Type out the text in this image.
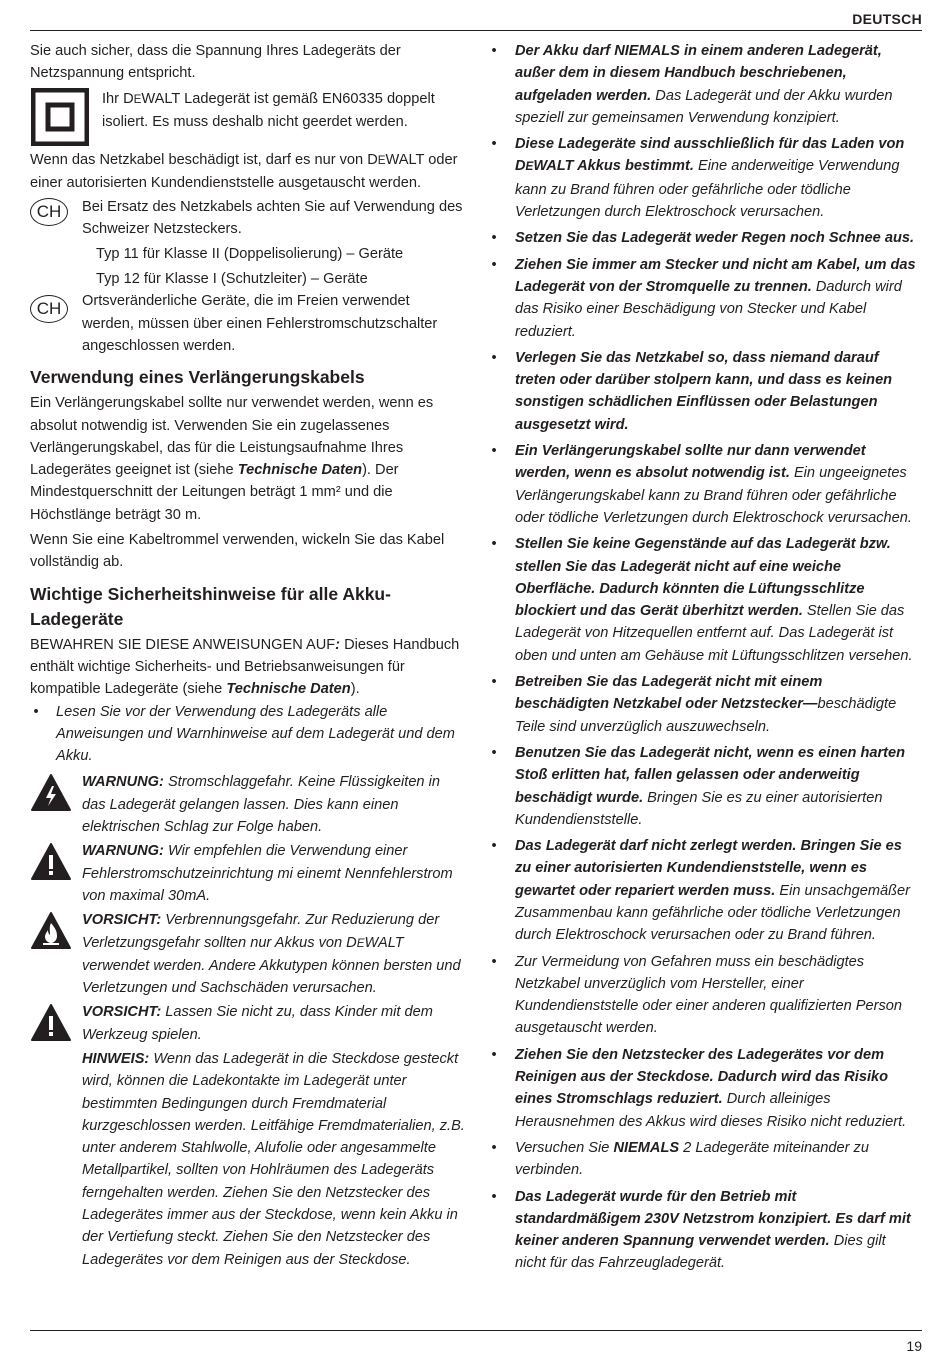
DEUTSCH

Sie auch sicher, dass die Spannung Ihres Ladegeräts der Netzspannung entspricht.

Ihr DEWALT Ladegerät ist gemäß EN60335 doppelt isoliert. Es muss deshalb nicht geerdet werden.

Wenn das Netzkabel beschädigt ist, darf es nur von DEWALT oder einer autorisierten Kundendienststelle ausgetauscht werden.

CH	Bei Ersatz des Netzkabels achten Sie auf Verwendung des Schweizer Netzsteckers.

Typ 11 für Klasse II (Doppelisolierung) – Geräte

Typ 12 für Klasse I (Schutzleiter) – Geräte

CH	Ortsveränderliche Geräte, die im Freien verwendet werden, müssen über einen Fehlerstromschutzschalter angeschlossen werden.

Verwendung eines Verlängerungskabels

Ein Verlängerungskabel sollte nur verwendet werden, wenn es absolut notwendig ist. Verwenden Sie ein zugelassenes Verlängerungskabel, das für die Leistungsaufnahme Ihres Ladegerätes geeignet ist (siehe Technische Daten). Der Mindestquerschnitt der Leitungen beträgt 1 mm² und die Höchstlänge beträgt 30 m.

Wenn Sie eine Kabeltrommel verwenden, wickeln Sie das Kabel vollständig ab.

Wichtige Sicherheitshinweise für alle Akku-Ladegeräte

BEWAHREN SIE DIESE ANWEISUNGEN AUF: Dieses Handbuch enthält wichtige Sicherheits- und Betriebsanweisungen für kompatible Ladegeräte (siehe Technische Daten).

• Lesen Sie vor der Verwendung des Ladegeräts alle Anweisungen und Warnhinweise auf dem Ladegerät und dem Akku.

WARNUNG: Stromschlaggefahr. Keine Flüssigkeiten in das Ladegerät gelangen lassen. Dies kann einen elektrischen Schlag zur Folge haben.

WARNUNG: Wir empfehlen die Verwendung einer Fehlerstromschutzeinrichtung mi einemt Nennfehlerstrom von maximal 30mA.

VORSICHT: Verbrennungsgefahr. Zur Reduzierung der Verletzungsgefahr sollten nur Akkus von DEWALT verwendet werden. Andere Akkutypen können bersten und Verletzungen und Sachschäden verursachen.

VORSICHT: Lassen Sie nicht zu, dass Kinder mit dem Werkzeug spielen.

HINWEIS: Wenn das Ladegerät in die Steckdose gesteckt wird, können die Ladekontakte im Ladegerät unter bestimmten Bedingungen durch Fremdmaterial kurzgeschlossen werden. Leitfähige Fremdmaterialien, z.B. unter anderem Stahlwolle, Alufolie oder angesammelte Metallpartikel, sollten von Hohlräumen des Ladegeräts ferngehalten werden. Ziehen Sie den Netzstecker des Ladegerätes immer aus der Steckdose, wenn kein Akku in der Vertiefung steckt. Ziehen Sie den Netzstecker des Ladegerätes vor dem Reinigen aus der Steckdose.

• Der Akku darf NIEMALS in einem anderen Ladegerät, außer dem in diesem Handbuch beschriebenen, aufgeladen werden. Das Ladegerät und der Akku wurden speziell zur gemeinsamen Verwendung konzipiert.
• Diese Ladegeräte sind ausschließlich für das Laden von DEWALT Akkus bestimmt. Eine anderweitige Verwendung kann zu Brand führen oder gefährliche oder tödliche Verletzungen durch Elektroschock verursachen.
• Setzen Sie das Ladegerät weder Regen noch Schnee aus.
• Ziehen Sie immer am Stecker und nicht am Kabel, um das Ladegerät von der Stromquelle zu trennen. Dadurch wird das Risiko einer Beschädigung von Stecker und Kabel reduziert.
• Verlegen Sie das Netzkabel so, dass niemand darauf treten oder darüber stolpern kann, und dass es keinen sonstigen schädlichen Einflüssen oder Belastungen ausgesetzt wird.
• Ein Verlängerungskabel sollte nur dann verwendet werden, wenn es absolut notwendig ist. Ein ungeeignetes Verlängerungskabel kann zu Brand führen oder gefährliche oder tödliche Verletzungen durch Elektroschock verursachen.
• Stellen Sie keine Gegenstände auf das Ladegerät bzw. stellen Sie das Ladegerät nicht auf eine weiche Oberfläche. Dadurch könnten die Lüftungsschlitze blockiert und das Gerät überhitzt werden. Stellen Sie das Ladegerät von Hitzequellen entfernt auf. Das Ladegerät ist oben und unten am Gehäuse mit Lüftungsschlitzen versehen.
• Betreiben Sie das Ladegerät nicht mit einem beschädigten Netzkabel oder Netzstecker—beschädigte Teile sind unverzüglich auszuwechseln.
• Benutzen Sie das Ladegerät nicht, wenn es einen harten Stoß erlitten hat, fallen gelassen oder anderweitig beschädigt wurde. Bringen Sie es zu einer autorisierten Kundendienststelle.
• Das Ladegerät darf nicht zerlegt werden. Bringen Sie es zu einer autorisierten Kundendienststelle, wenn es gewartet oder repariert werden muss. Ein unsachgemäßer Zusammenbau kann gefährliche oder tödliche Verletzungen durch Elektroschock verursachen oder zu Brand führen.
• Zur Vermeidung von Gefahren muss ein beschädigtes Netzkabel unverzüglich vom Hersteller, einer Kundendienststelle oder einer anderen qualifizierten Person ausgetauscht werden.
• Ziehen Sie den Netzstecker des Ladegerätes vor dem Reinigen aus der Steckdose. Dadurch wird das Risiko eines Stromschlags reduziert. Durch alleiniges Herausnehmen des Akkus wird dieses Risiko nicht reduziert.
• Versuchen Sie NIEMALS 2 Ladegeräte miteinander zu verbinden.
• Das Ladegerät wurde für den Betrieb mit standardmäßigem 230V Netzstrom konzipiert. Es darf mit keiner anderen Spannung verwendet werden. Dies gilt nicht für das Fahrzeugladegerät.
19
